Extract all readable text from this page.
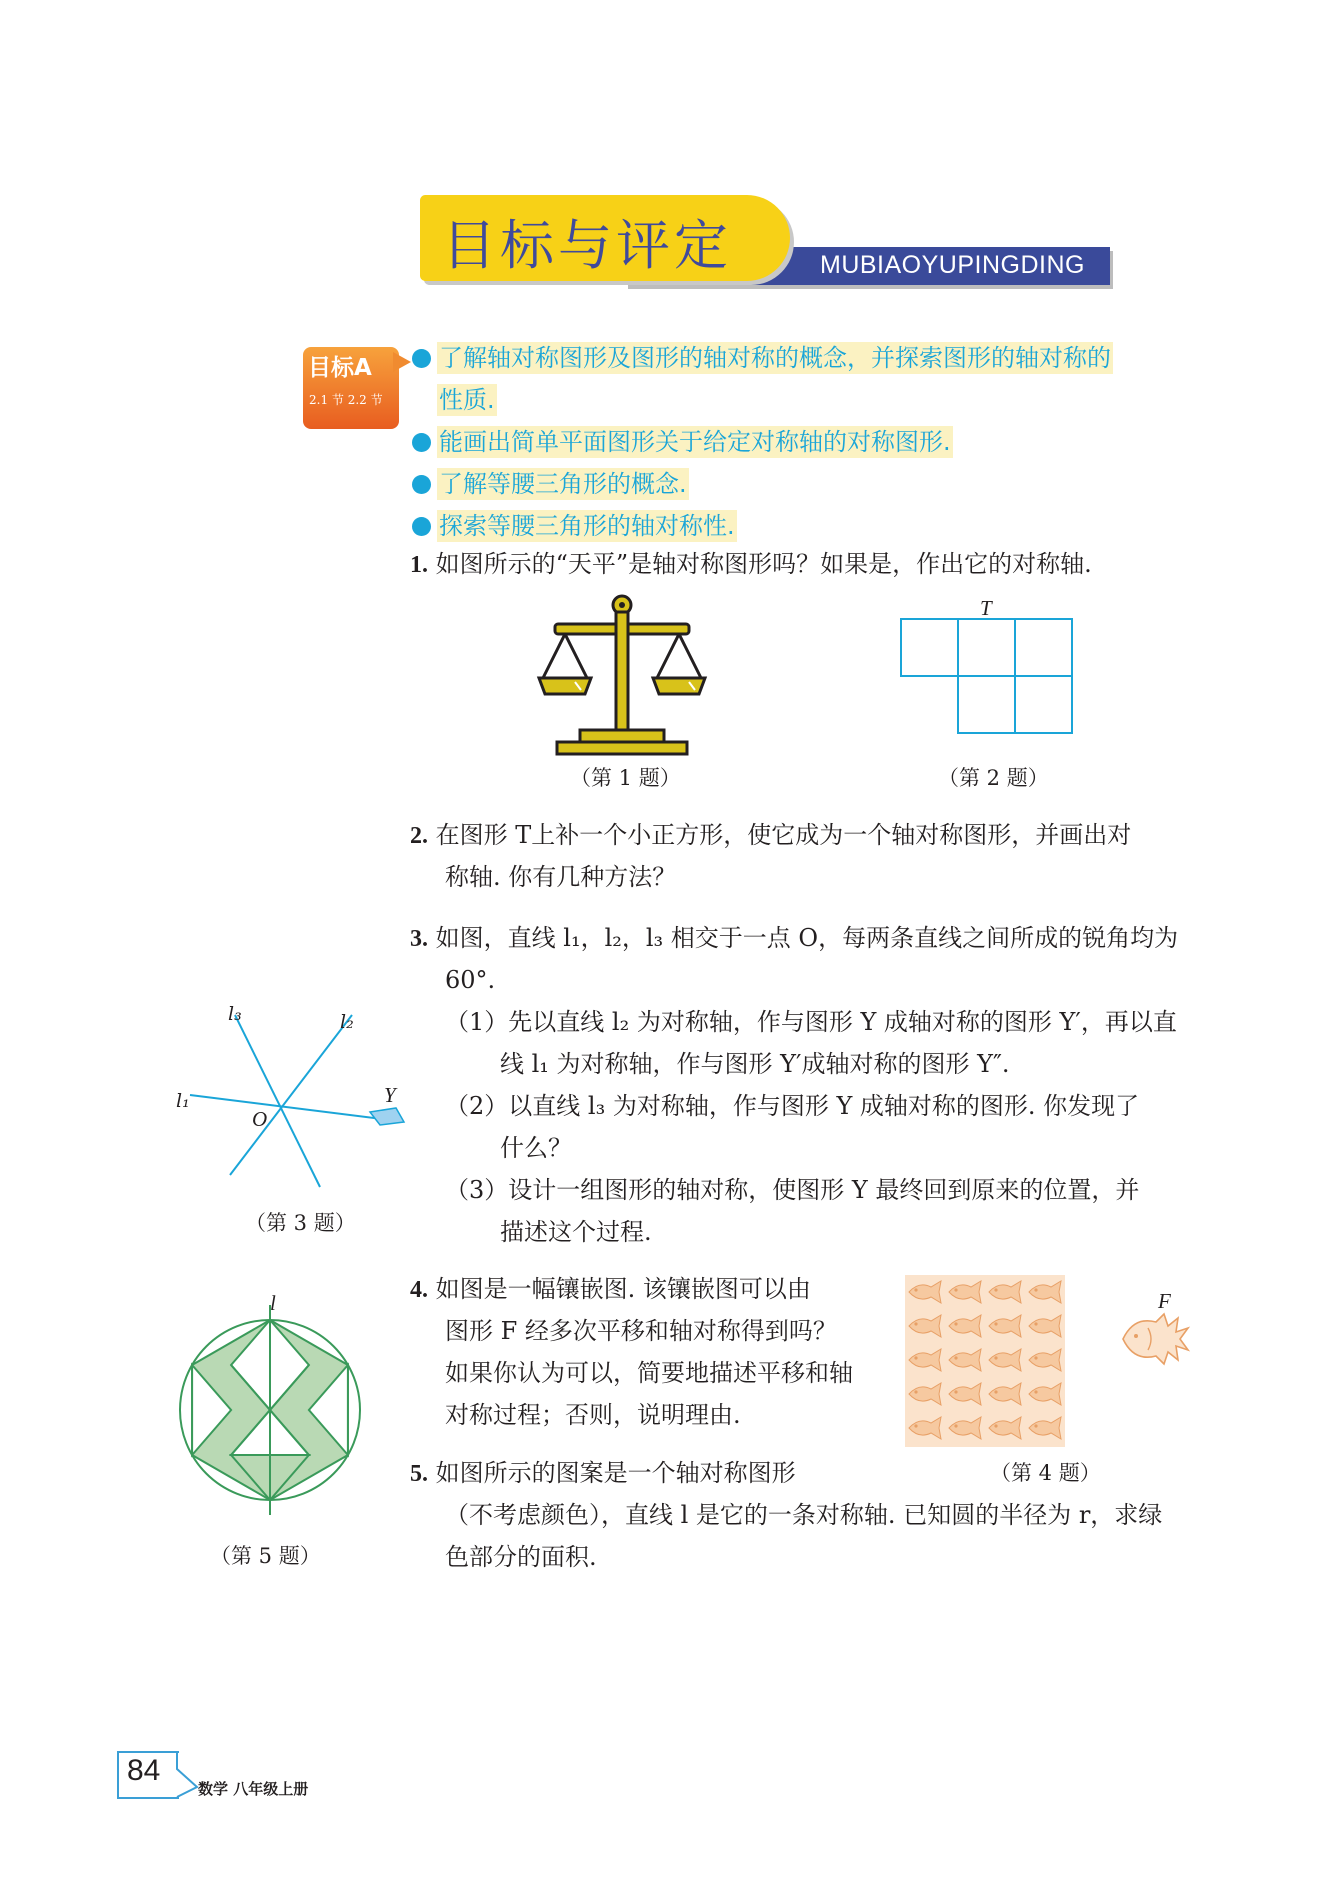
MUBIAOYUPINGDING
目标与评定
目标A
2.1 节 2.2 节
了解轴对称图形及图形的轴对称的概念，并探索图形的轴对称的
性质.
能画出简单平面图形关于给定对称轴的对称图形.
了解等腰三角形的概念.
探索等腰三角形的轴对称性.
1. 如图所示的“天平”是轴对称图形吗？如果是，作出它的对称轴.
（第 1 题）
T
（第 2 题）
2. 在图形 T上补一个小正方形，使它成为一个轴对称图形，并画出对
称轴. 你有几种方法？
3. 如图，直线 l₁，l₂，l₃ 相交于一点 O，每两条直线之间所成的锐角均为
60°.
（1）先以直线 l₂ 为对称轴，作与图形 Y 成轴对称的图形 Y′，再以直
线 l₁ 为对称轴，作与图形 Y′成轴对称的图形 Y″.
（2）以直线 l₃ 为对称轴，作与图形 Y 成轴对称的图形. 你发现了
什么？
（3）设计一组图形的轴对称，使图形 Y 最终回到原来的位置，并
描述这个过程.
l₃	l₂
l₁
O
Y
（第 3 题）
4. 如图是一幅镶嵌图. 该镶嵌图可以由
图形 F 经多次平移和轴对称得到吗？
如果你认为可以，简要地描述平移和轴
对称过程；否则，说明理由.
F
（第 4 题）
5. 如图所示的图案是一个轴对称图形
（不考虑颜色），直线 l 是它的一条对称轴. 已知圆的半径为 r，求绿
色部分的面积.
l
（第 5 题）
84
数学 八年级上册
